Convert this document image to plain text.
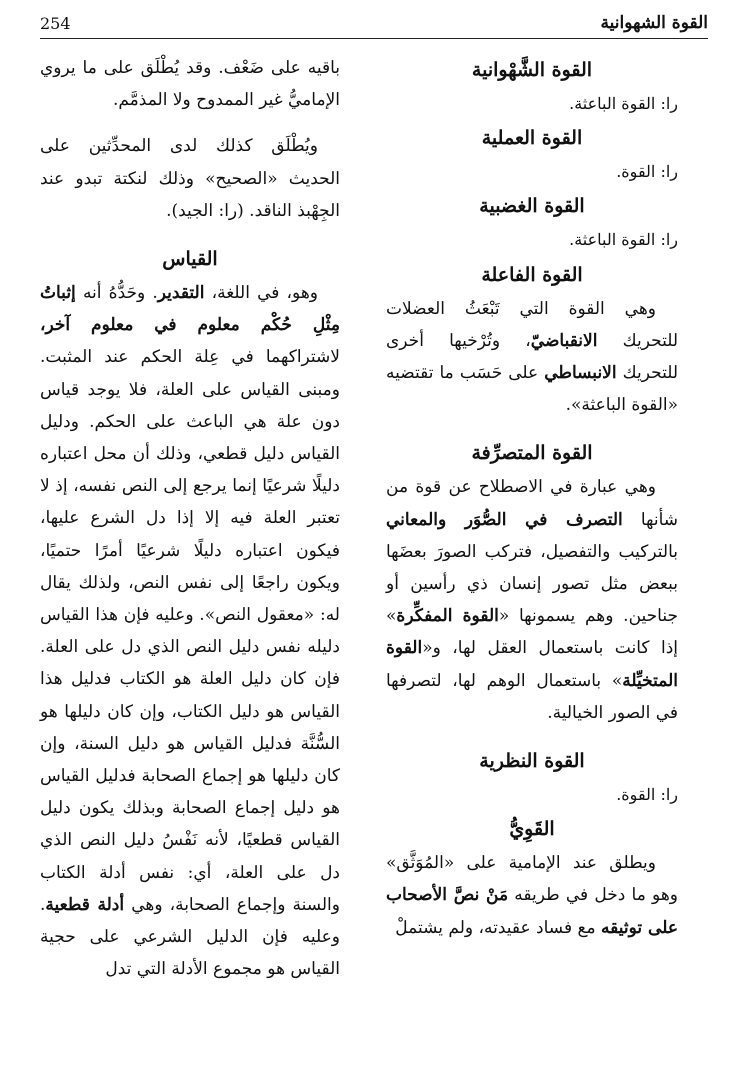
القوة الشهوانية
254
القوة الشَّهْوانية

را: القوة الباعثة.

القوة العملية

را: القوة.

القوة الغضبية

را: القوة الباعثة.

القوة الفاعلة

وهي القوة التي تَبْعَثُ العضلات للتحريك الانقباضيّ، وتُرْخيها أخرى للتحريك الانبساطي على حَسَب ما تقتضيه «القوة الباعثة».

القوة المتصرِّفة

وهي عبارة في الاصطلاح عن قوة من شأنها التصرف في الصُّوَر والمعاني بالتركيب والتفصيل، فتركب الصورَ بعضَها ببعض مثل تصور إنسان ذي رأسين أو جناحين. وهم يسمونها «القوة المفكِّرة» إذا كانت باستعمال العقل لها، و«القوة المتخيِّلة» باستعمال الوهم لها، لتصرفها في الصور الخيالية.

القوة النظرية

را: القوة.

القَوِيُّ

ويطلق عند الإمامية على «المُوَثَّق» وهو ما دخل في طريقه مَنْ نصَّ الأصحاب على توثيقه مع فساد عقيدته، ولم يشتملْ

باقيه على ضَعْف. وقد يُطْلَق على ما يروي الإماميُّ غير الممدوح ولا المذمَّم.

ويُطْلَق كذلك لدى المحدِّثين على الحديث «الصحيح» وذلك لنكتة تبدو عند الجِهْبذ الناقد. (را: الجيد).

القياس

وهو، في اللغة، التقدير. وحَدُّهُ أنه إثباتُ مِثْلِ حُكْم معلوم في معلوم آخر، لاشتراكهما في عِلة الحكم عند المثبت. ومبنى القياس على العلة، فلا يوجد قياس دون علة هي الباعث على الحكم. ودليل القياس دليل قطعي، وذلك أن محل اعتباره دليلًا شرعيًا إنما يرجع إلى النص نفسه، إذ لا تعتبر العلة فيه إلا إذا دل الشرع عليها، فيكون اعتباره دليلًا شرعيًا أمرًا حتميًا، ويكون راجعًا إلى نفس النص، ولذلك يقال له: «معقول النص». وعليه فإن هذا القياس دليله نفس دليل النص الذي دل على العلة. فإن كان دليل العلة هو الكتاب فدليل هذا القياس هو دليل الكتاب، وإن كان دليلها هو السُّنَّة فدليل القياس هو دليل السنة، وإن كان دليلها هو إجماع الصحابة فدليل القياس هو دليل إجماع الصحابة وبذلك يكون دليل القياس قطعيًا، لأنه نَفْسُ دليل النص الذي دل على العلة، أي: نفس أدلة الكتاب والسنة وإجماع الصحابة، وهي أدلة قطعية. وعليه فإن الدليل الشرعي على حجية القياس هو مجموع الأدلة التي تدل
